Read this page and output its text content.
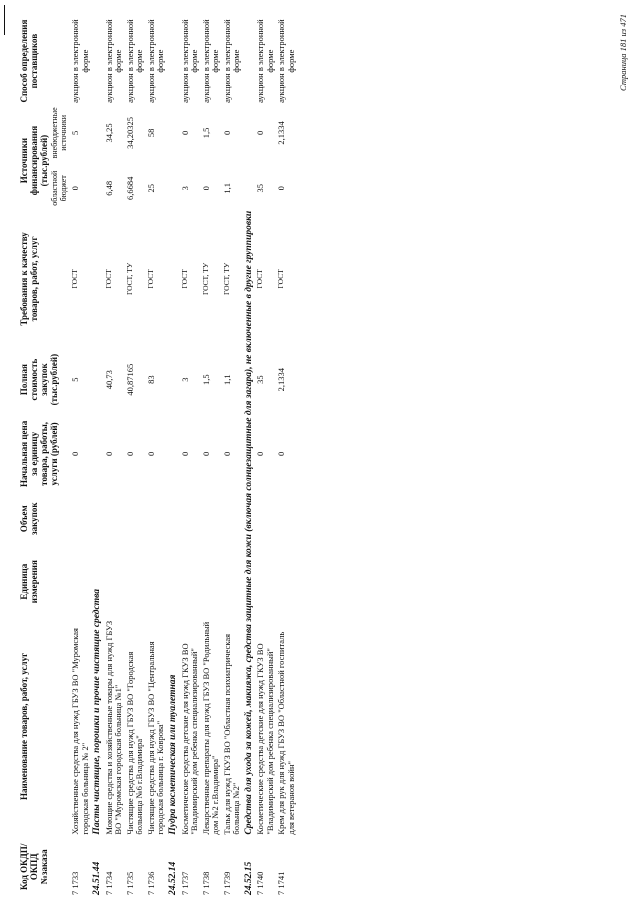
Код ОКДП/ ОКПД №заказа	Наименование товаров, работ, услуг	Единица измерения	Объем закупок	Начальная цена за единицу товара, работы, услуги (рублей)	Полная стоимость закупок (тыс.рублей)	Требования к качеству товаров, работ, услуг	Источники финансирования (тыс.рублей)		Способ определения поставщиков
							областной бюджет	внебюджетные источники	
7 1733	Хозяйственные средства для нужд ГБУЗ ВО "Муромская городская больница № 2"			0	5	ГОСТ	0	5	аукцион в электронной форме
24.51.44	Пасты чистящие, порошки и прочие чистящие средства								
7 1734	Моющие средства и хозяйственные товары для нужд ГБУЗ ВО "Муромская городская больница №1"			0	40,73	ГОСТ	6,48	34,25	аукцион в электронной форме
7 1735	Чистящие средства для нужд ГБУЗ ВО "Городская больница №6 г.Владимира"			0	40,87165	ГОСТ, ТУ	6,6684	34,20325	аукцион в электронной форме
7 1736	Чистящие средства для нужд ГБУЗ ВО "Центральная городская больница г. Коврова"			0	83	ГОСТ	25	58	аукцион в электронной форме
24.52.14	Пудра косметическая или туалетная								
7 1737	Косметические средства детские для нужд ГКУЗ ВО "Владимирский дом ребенка специализированный"			0	3	ГОСТ	3	0	аукцион в электронной форме
7 1738	Лекарственные препараты для нужд ГБУЗ ВО "Родильный дом №2 г.Владимира"			0	1,5	ГОСТ, ТУ	0	1,5	аукцион в электронной форме
7 1739	Тальк для нужд ГКУЗ ВО "Областная психиатрическая больница №2"			0	1,1	ГОСТ, ТУ	1,1	0	аукцион в электронной форме
24.52.15	Средства для ухода за кожей, макияжа, средства защитные для кожи (включая солнцезащитные для загара), не включенные в другие группировки								
7 1740	Косметические средства детские для нужд ГКУЗ ВО "Владимирский дом ребенка специализированный"			0	35	ГОСТ	35	0	аукцион в электронной форме
7 1741	Крем для рук для нужд ГБУЗ ВО "Областной госпиталь для ветеранов войн"			0	2,1334	ГОСТ	0	2,1334	аукцион в электронной форме	Страница 181 из 471
